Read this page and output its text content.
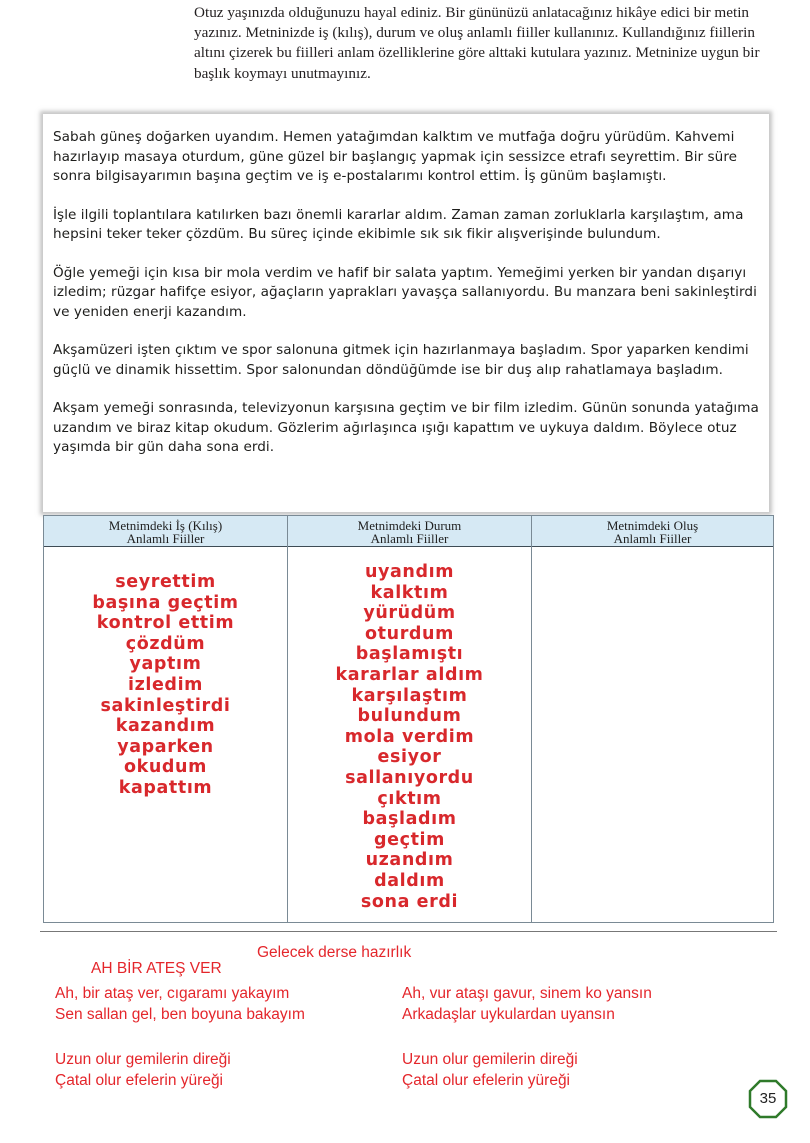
Otuz yaşınızda olduğunuzu hayal ediniz. Bir gününüzü anlatacağınız hikâye edici bir metin yazınız. Metninizde iş (kılış), durum ve oluş anlamlı fiiller kullanınız. Kullandığınız fiillerin altını çizerek bu fiilleri anlam özelliklerine göre alttaki kutulara yazınız. Metninize uygun bir başlık koymayı unutmayınız.

Sabah güneş doğarken uyandım. Hemen yatağımdan kalktım ve mutfağa doğru yürüdüm. Kahvemi hazırlayıp masaya oturdum, güne güzel bir başlangıç yapmak için sessizce etrafı seyrettim. Bir süre sonra bilgisayarımın başına geçtim ve iş e-postalarımı kontrol ettim. İş günüm başlamıştı.

İşle ilgili toplantılara katılırken bazı önemli kararlar aldım. Zaman zaman zorluklarla karşılaştım, ama hepsini teker teker çözdüm. Bu süreç içinde ekibimle sık sık fikir alışverişinde bulundum.

Öğle yemeği için kısa bir mola verdim ve hafif bir salata yaptım. Yemeğimi yerken bir yandan dışarıyı izledim; rüzgar hafifçe esiyor, ağaçların yaprakları yavaşça sallanıyordu. Bu manzara beni sakinleştirdi ve yeniden enerji kazandım.

Akşamüzeri işten çıktım ve spor salonuna gitmek için hazırlanmaya başladım. Spor yaparken kendimi güçlü ve dinamik hissettim. Spor salonundan döndüğümde ise bir duş alıp rahatlamaya başladım.

Akşam yemeği sonrasında, televizyonun karşısına geçtim ve bir film izledim. Günün sonunda yatağıma uzandım ve biraz kitap okudum. Gözlerim ağırlaşınca ışığı kapattım ve uykuya daldım. Böylece otuz yaşımda bir gün daha sona erdi.

Metnimdeki İş (Kılış)
Anlamlı Fiiller
seyrettim
başına geçtim
kontrol ettim
çözdüm
yaptım
izledim
sakinleştirdi
kazandım
yaparken
okudum
kapattım
Metnimdeki Durum
Anlamlı Fiiller
uyandım
kalktım
yürüdüm
oturdum
başlamıştı
kararlar aldım
karşılaştım
bulundum
mola verdim
esiyor
sallanıyordu
çıktım
başladım
geçtim
uzandım
daldım
sona erdi
Metnimdeki Oluş
Anlamlı Fiiller

Gelecek derse hazırlık

AH BİR ATEŞ VER

Ah, bir ataş ver, cıgaramı yakayım
Sen sallan gel, ben boyuna bakayım

Ah, vur ataşı gavur, sinem ko yansın
Arkadaşlar uykulardan uyansın

Uzun olur gemilerin direği
Çatal olur efelerin yüreği

Uzun olur gemilerin direği
Çatal olur efelerin yüreği

35
